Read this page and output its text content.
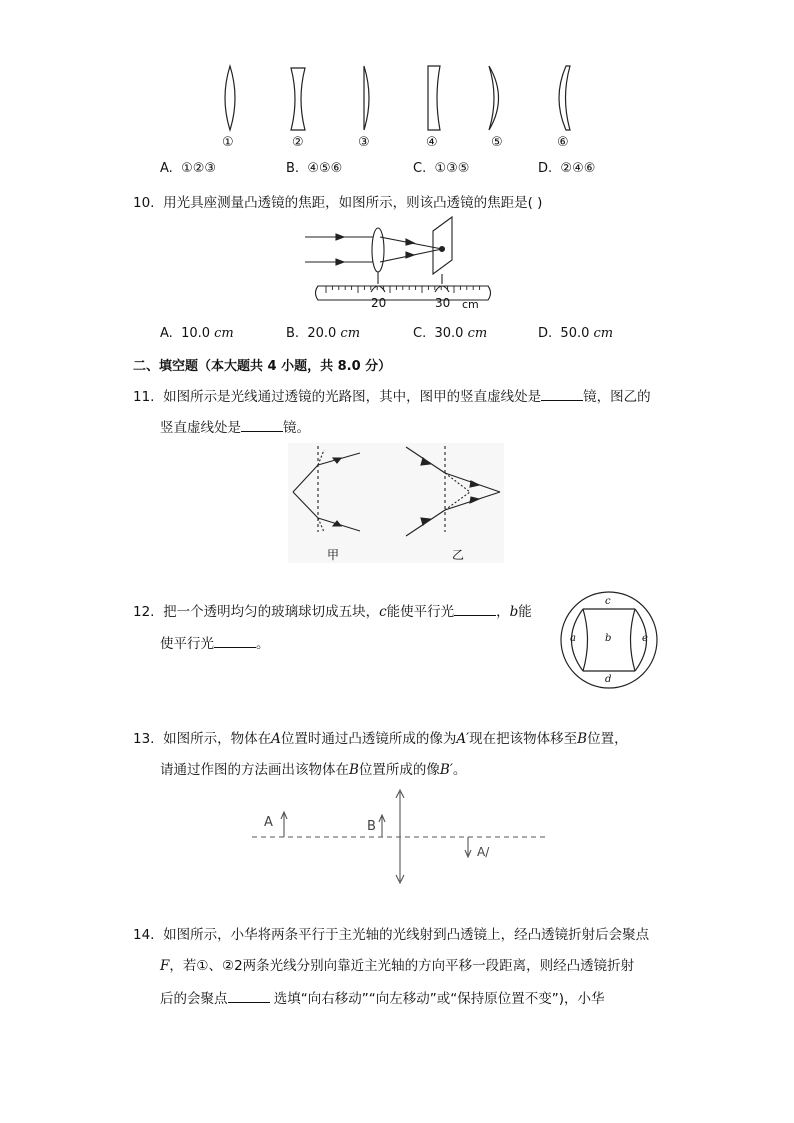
①	②	③	④	⑤	⑥
A. ①②③	B. ④⑤⑥	C. ①③⑤	D. ②④⑥
10. 用光具座测量凸透镜的焦距，如图所示，则该凸透镜的焦距是( )
20	30 cm
A. 10.0 cm	B. 20.0 cm	C. 30.0 cm	D. 50.0 cm
二、填空题（本大题共 4 小题，共 8.0 分）
11. 如图所示是光线通过透镜的光路图，其中，图甲的竖直虚线处是	镜，图乙的
竖直虚线处是	镜。
甲	乙
12. 把一个透明均匀的玻璃球切成五块，c能使平行光	，b能
使平行光	。
c
a	b	e
d
13. 如图所示，物体在A位置时通过凸透镜所成的像为A′现在把该物体移至B位置，
请通过作图的方法画出该物体在B位置所成的像B′。
A	B
A/
14. 如图所示，小华将两条平行于主光轴的光线射到凸透镜上，经凸透镜折射后会聚点
F，若①、②2两条光线分别向靠近主光轴的方向平移一段距离，则经凸透镜折射
后的会聚点	选填“向右移动”“向左移动”或“保持原位置不变”)，小华
